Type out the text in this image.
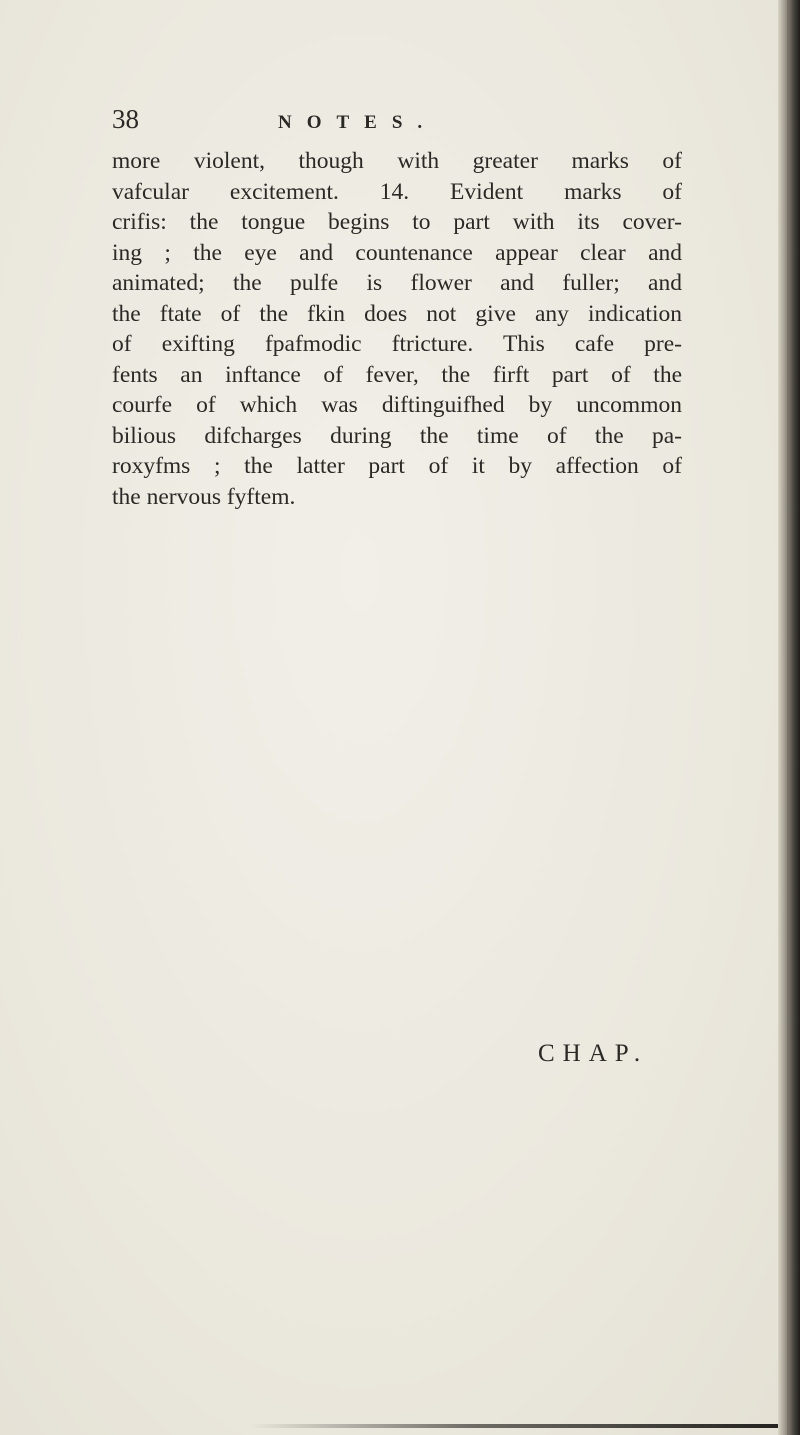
38	NOTES.
more violent, though with greater marks of
vafcular excitement. 14. Evident marks of
crifis: the tongue begins to part with its cover-
ing ; the eye and countenance appear clear and
animated; the pulfe is flower and fuller; and
the ftate of the fkin does not give any indication
of exifting fpafmodic ftricture. This cafe pre-
fents an inftance of fever, the firft part of the
courfe of which was diftinguifhed by uncommon
bilious difcharges during the time of the pa-
roxyfms ; the latter part of it by affection of
the nervous fyftem.
CHAP.
